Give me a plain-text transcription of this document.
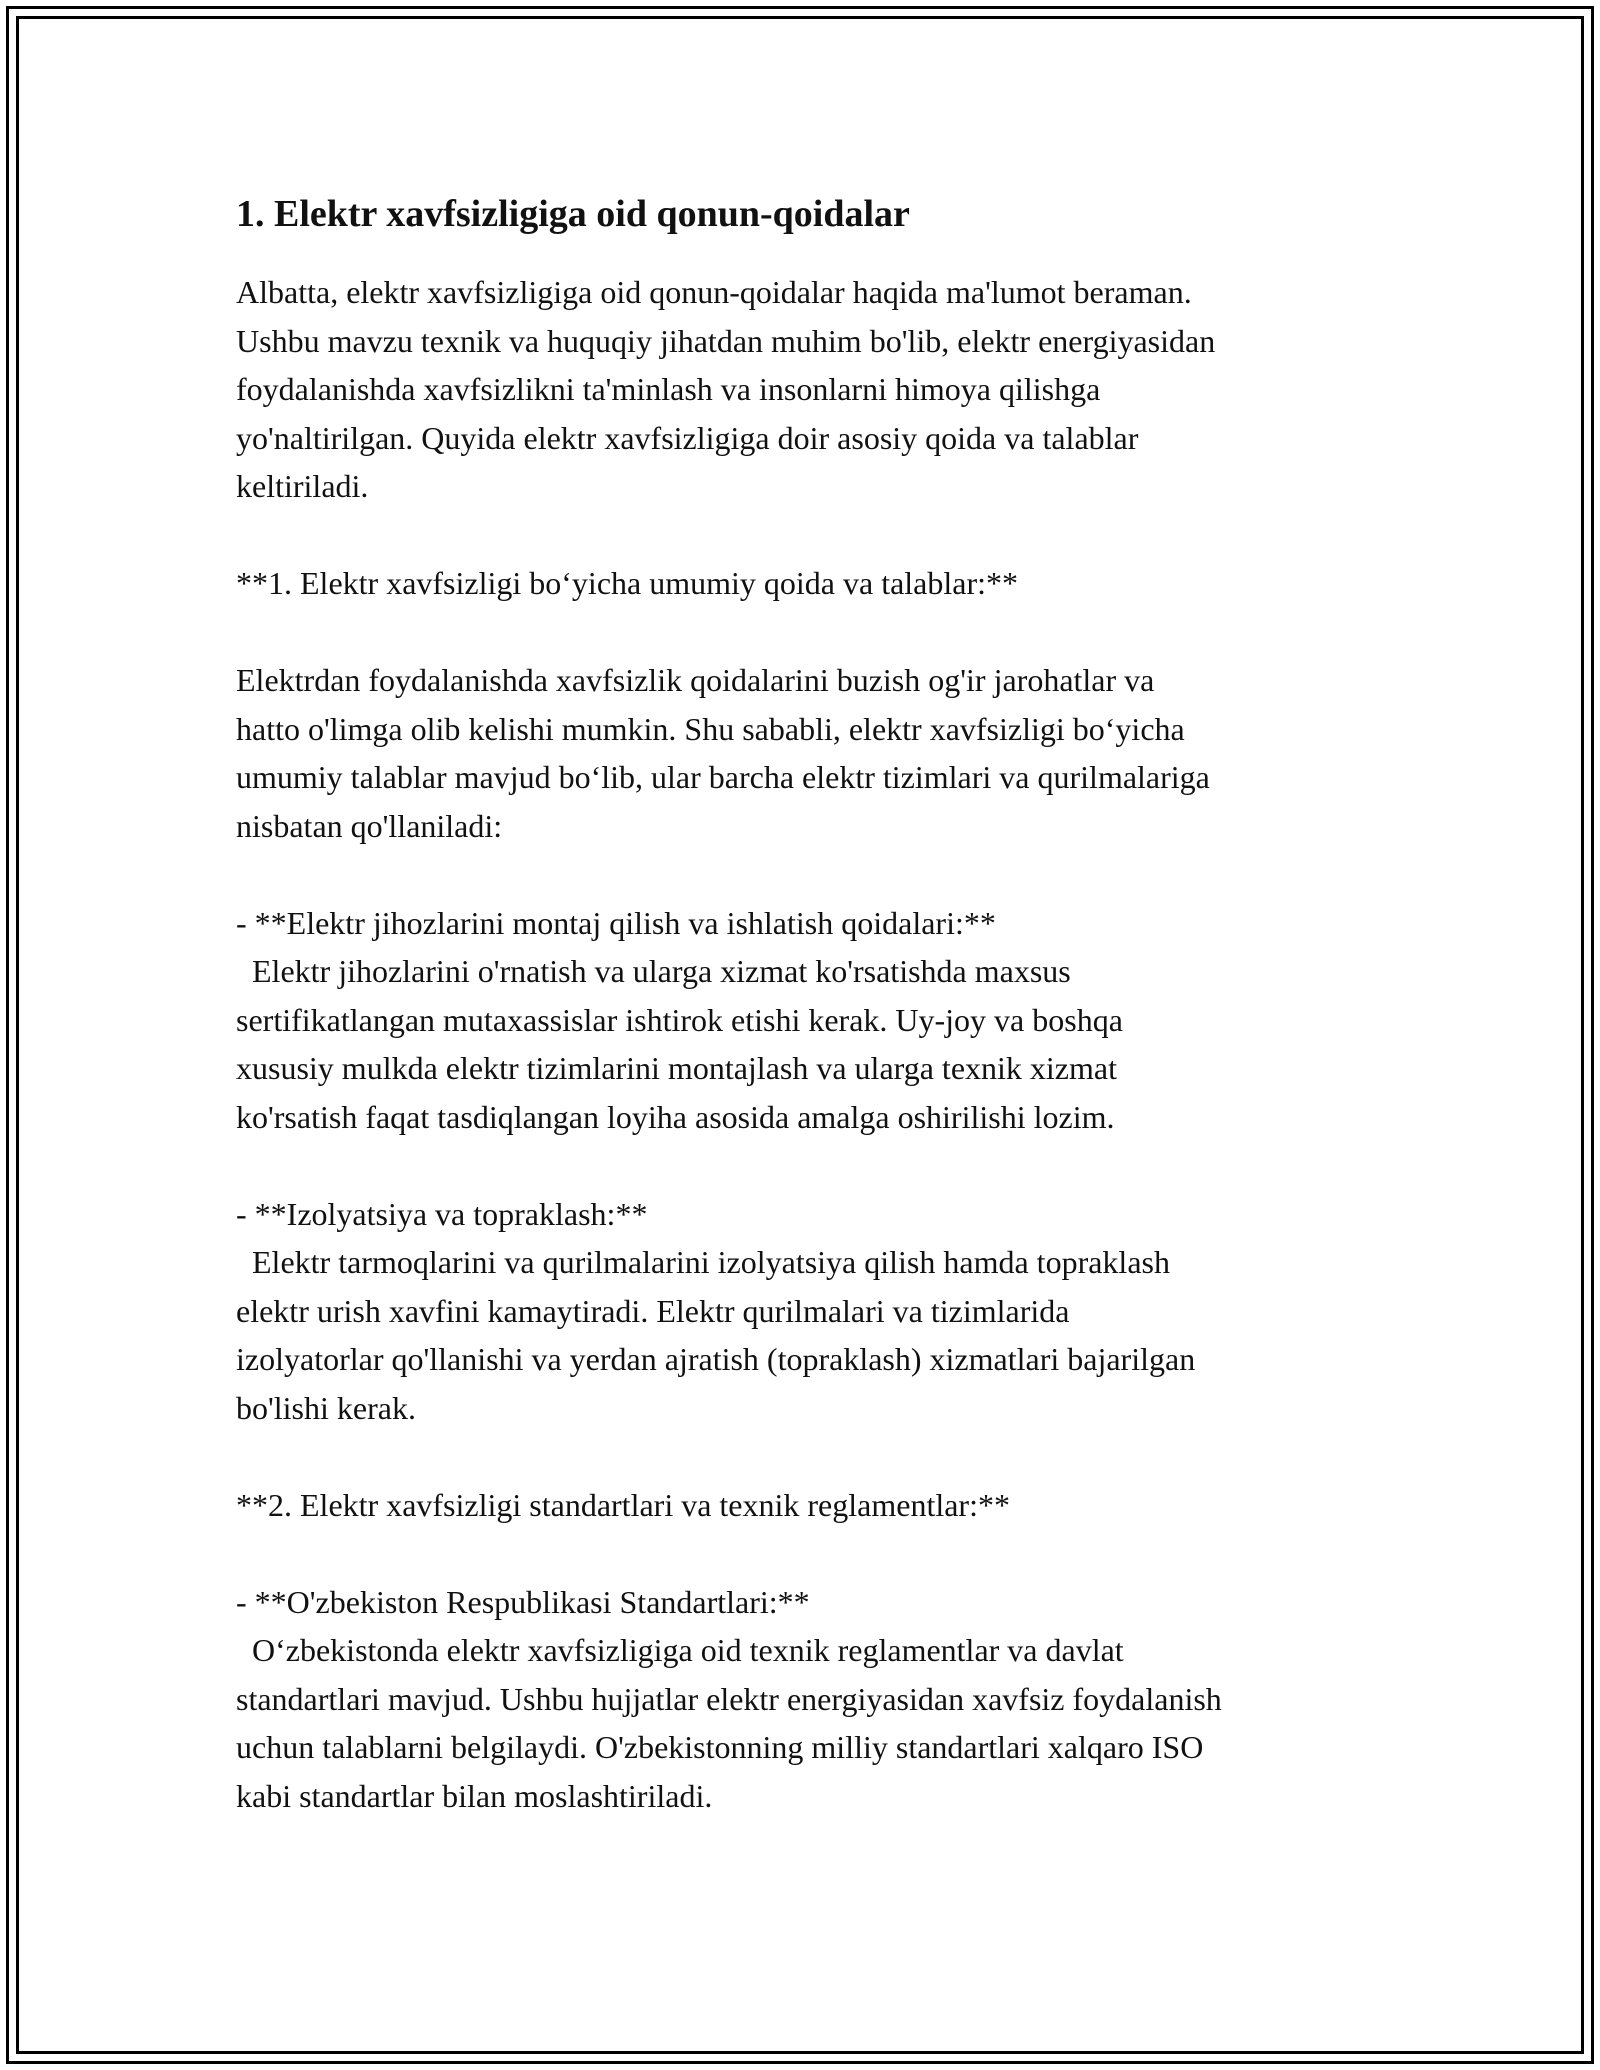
1. Elektr xavfsizligiga oid qonun-qoidalar

Albatta, elektr xavfsizligiga oid qonun-qoidalar haqida ma'lumot beraman.
Ushbu mavzu texnik va huquqiy jihatdan muhim bo'lib, elektr energiyasidan
foydalanishda xavfsizlikni ta'minlash va insonlarni himoya qilishga
yo'naltirilgan. Quyida elektr xavfsizligiga doir asosiy qoida va talablar
keltiriladi.

**1. Elektr xavfsizligi bo‘yicha umumiy qoida va talablar:**

Elektrdan foydalanishda xavfsizlik qoidalarini buzish og'ir jarohatlar va
hatto o'limga olib kelishi mumkin. Shu sababli, elektr xavfsizligi bo‘yicha
umumiy talablar mavjud bo‘lib, ular barcha elektr tizimlari va qurilmalariga
nisbatan qo'llaniladi:

- **Elektr jihozlarini montaj qilish va ishlatish qoidalari:**
Elektr jihozlarini o'rnatish va ularga xizmat ko'rsatishda maxsus
sertifikatlangan mutaxassislar ishtirok etishi kerak. Uy-joy va boshqa
xususiy mulkda elektr tizimlarini montajlash va ularga texnik xizmat
ko'rsatish faqat tasdiqlangan loyiha asosida amalga oshirilishi lozim.

- **Izolyatsiya va topraklash:**
Elektr tarmoqlarini va qurilmalarini izolyatsiya qilish hamda topraklash
elektr urish xavfini kamaytiradi. Elektr qurilmalari va tizimlarida
izolyatorlar qo'llanishi va yerdan ajratish (topraklash) xizmatlari bajarilgan
bo'lishi kerak.

**2. Elektr xavfsizligi standartlari va texnik reglamentlar:**

- **O'zbekiston Respublikasi Standartlari:**
O‘zbekistonda elektr xavfsizligiga oid texnik reglamentlar va davlat
standartlari mavjud. Ushbu hujjatlar elektr energiyasidan xavfsiz foydalanish
uchun talablarni belgilaydi. O'zbekistonning milliy standartlari xalqaro ISO
kabi standartlar bilan moslashtiriladi.
